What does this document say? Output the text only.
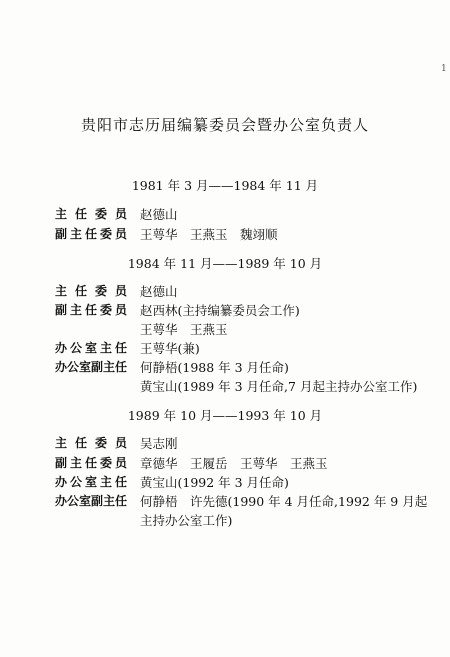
1
贵阳市志历届编纂委员会暨办公室负责人
1981 年 3 月——1984 年 11 月
主任委员 赵德山
副主任委员 王萼华　王燕玉　魏翊顺
1984 年 11 月——1989 年 10 月
主任委员 赵德山
副主任委员 赵西林(主持编纂委员会工作)
王萼华　王燕玉
办公室主任 王萼华(兼)
办公室副主任 何静梧(1988 年 3 月任命)
黄宝山(1989 年 3 月任命,7 月起主持办公室工作)
1989 年 10 月——1993 年 10 月
主任委员 吴志刚
副主任委员 章德华　王履岳　王萼华　王燕玉
办公室主任 黄宝山(1992 年 3 月任命)
办公室副主任 何静梧　许先德(1990 年 4 月任命,1992 年 9 月起
主持办公室工作)
